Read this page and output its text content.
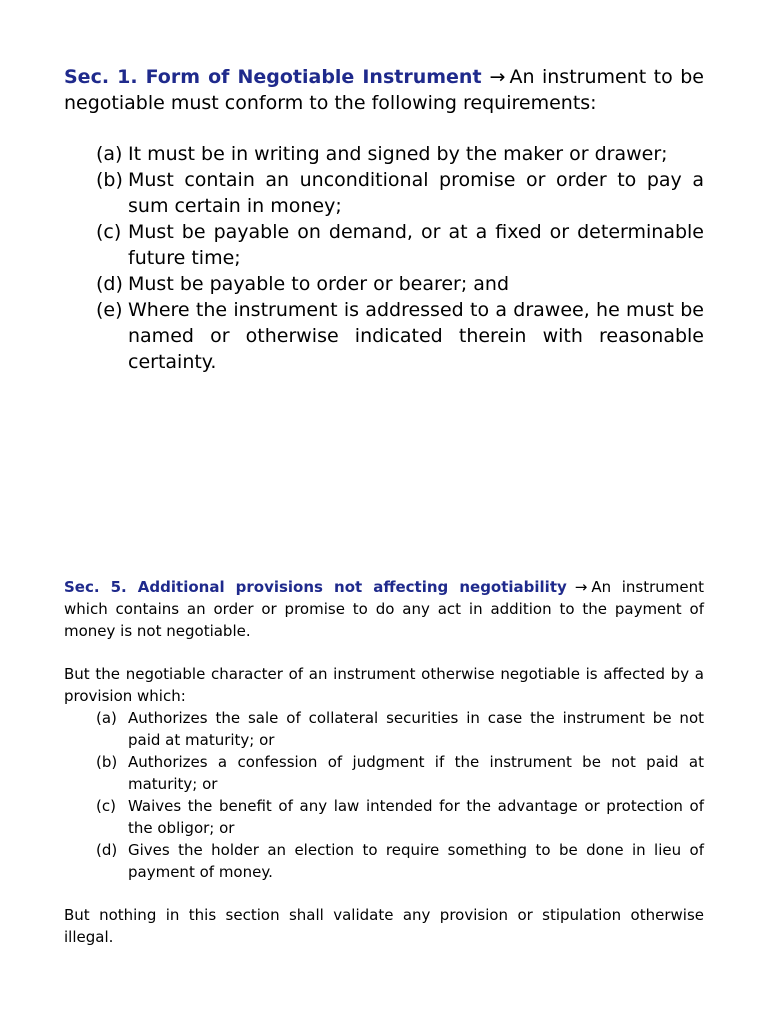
Sec. 1. Form of Negotiable Instrument → An instrument to be negotiable must conform to the following requirements:

(a) It must be in writing and signed by the maker or drawer;
(b) Must contain an unconditional promise or order to pay a sum certain in money;
(c) Must be payable on demand, or at a fixed or determinable future time;
(d) Must be payable to order or bearer; and
(e) Where the instrument is addressed to a drawee, he must be named or otherwise indicated therein with reasonable certainty.

Sec. 5. Additional provisions not affecting negotiability → An instrument which contains an order or promise to do any act in addition to the payment of money is not negotiable.

But the negotiable character of an instrument otherwise negotiable is affected by a provision which:

(a) Authorizes the sale of collateral securities in case the instrument be not paid at maturity; or
(b) Authorizes a confession of judgment if the instrument be not paid at maturity; or
(c) Waives the benefit of any law intended for the advantage or protection of the obligor; or
(d) Gives the holder an election to require something to be done in lieu of payment of money.

But nothing in this section shall validate any provision or stipulation otherwise illegal.
